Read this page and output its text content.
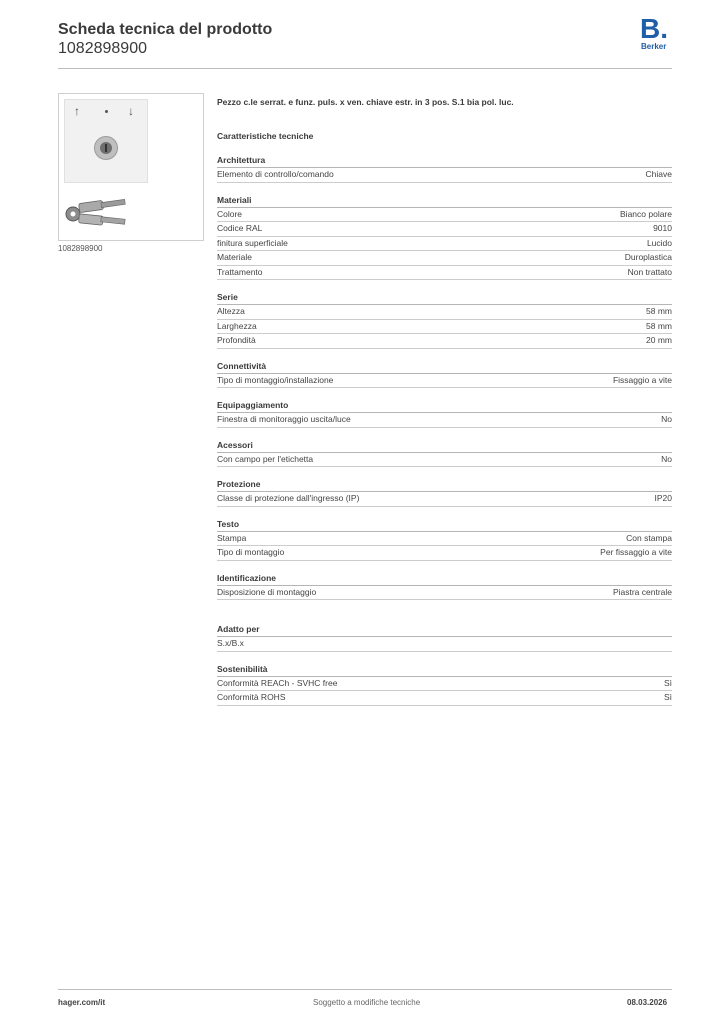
Scheda tecnica del prodotto
1082898900
B.
Berker
↑	↓
1082898900
Pezzo c.le serrat. e funz. puls. x ven. chiave estr. in 3 pos. S.1 bia pol. luc.
Caratteristiche tecniche
Architettura
Elemento di controllo/comando	Chiave
Materiali
Colore	Bianco polare
Codice RAL	9010
finitura superficiale	Lucido
Materiale	Duroplastica
Trattamento	Non trattato
Serie
Altezza	58 mm
Larghezza	58 mm
Profondità	20 mm
Connettività
Tipo di montaggio/installazione	Fissaggio a vite
Equipaggiamento
Finestra di monitoraggio uscita/luce	No
Acessori
Con campo per l'etichetta	No
Protezione
Classe di protezione dall'ingresso (IP)	IP20
Testo
Stampa	Con stampa
Tipo di montaggio	Per fissaggio a vite
Identificazione
Disposizione di montaggio	Piastra centrale
Adatto per
S.x/B.x
Sostenibilità
Conformità REACh - SVHC free	Sì
Conformità ROHS	Sì
hager.com/it	Soggetto a modifiche tecniche	08.03.2026
